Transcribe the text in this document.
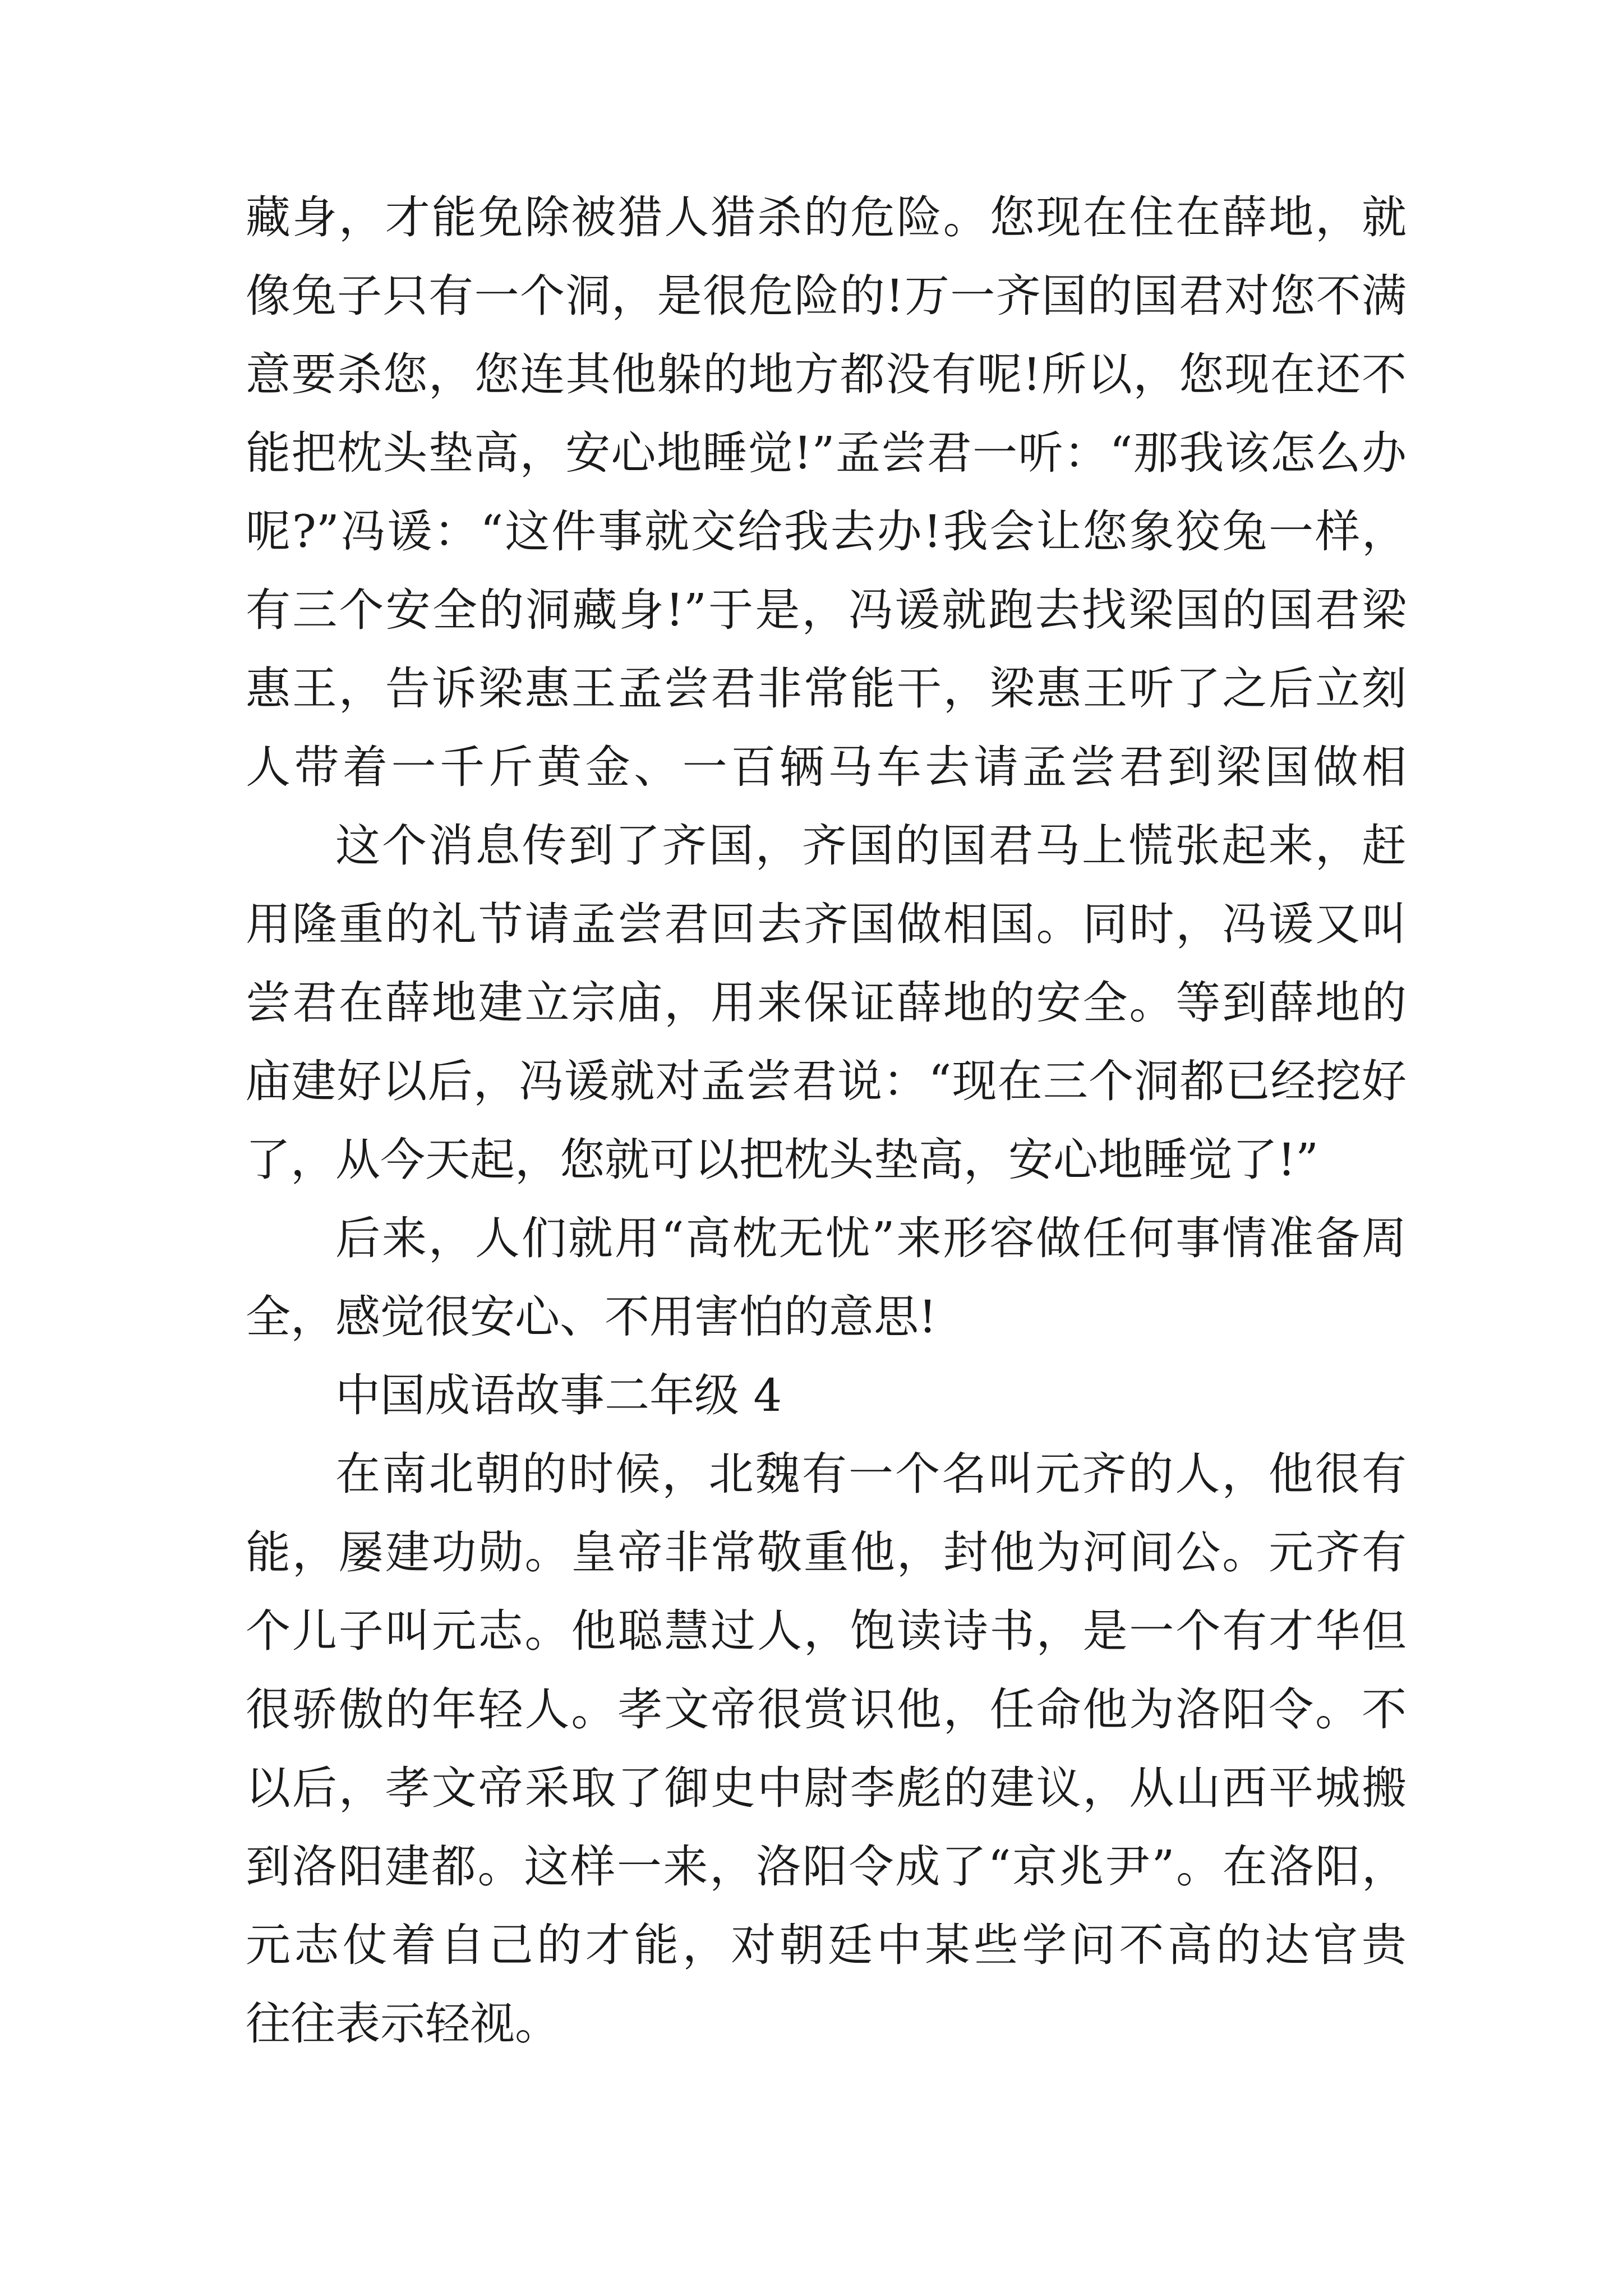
藏身，才能免除被猎人猎杀的危险。您现在住在薛地，就
像兔子只有一个洞，是很危险的!万一齐国的国君对您不满
意要杀您，您连其他躲的地方都没有呢!所以，您现在还不
能把枕头垫高，安心地睡觉!”孟尝君一听：“那我该怎么办
呢?”冯谖：“这件事就交给我去办!我会让您象狡兔一样，
有三个安全的洞藏身!”于是，冯谖就跑去找梁国的国君梁
惠王，告诉梁惠王孟尝君非常能干，梁惠王听了之后立刻
人带着一千斤黄金、一百辆马车去请孟尝君到梁国做相
这个消息传到了齐国，齐国的国君马上慌张起来，赶
用隆重的礼节请孟尝君回去齐国做相国。同时，冯谖又叫
尝君在薛地建立宗庙，用来保证薛地的安全。等到薛地的
庙建好以后，冯谖就对孟尝君说：“现在三个洞都已经挖好
了，从今天起，您就可以把枕头垫高，安心地睡觉了!”
后来，人们就用“高枕无忧”来形容做任何事情准备周
全，感觉很安心、不用害怕的意思!
中国成语故事二年级 4
在南北朝的时候，北魏有一个名叫元齐的人，他很有
能，屡建功勋。皇帝非常敬重他，封他为河间公。元齐有
个儿子叫元志。他聪慧过人，饱读诗书，是一个有才华但
很骄傲的年轻人。孝文帝很赏识他，任命他为洛阳令。不
以后，孝文帝采取了御史中尉李彪的建议，从山西平城搬
到洛阳建都。这样一来，洛阳令成了“京兆尹”。在洛阳，
元志仗着自己的才能，对朝廷中某些学问不高的达官贵
往往表示轻视。
